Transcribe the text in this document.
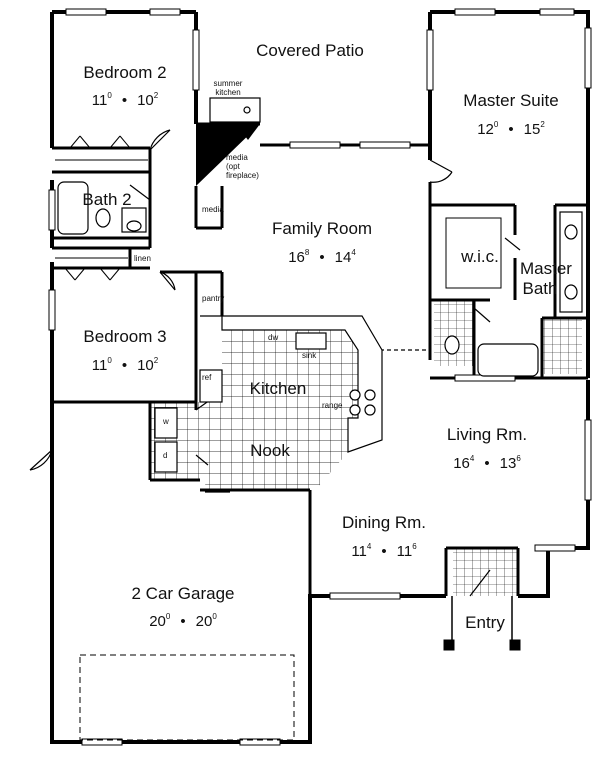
Covered Patio
Bedroom 2
$11^0$ • $10^2$	Master Suite
$12^0$ • $15^2$
Bath 2
Family Room
$16^8$ • $14^4$	w.i.c.
Master
Bath
Bedroom 3
$11^0$ • $10^2$
Kitchen
Nook
Living Rm.
$16^4$ • $13^6$
Dining Rm.
$11^4$ • $11^6$
2 Car Garage
$20^0$ • $20^0$	Entry
summer
kitchen
media
(opt
fireplace)
media
linen
pantry
dw
sink
ref
range
w
d
